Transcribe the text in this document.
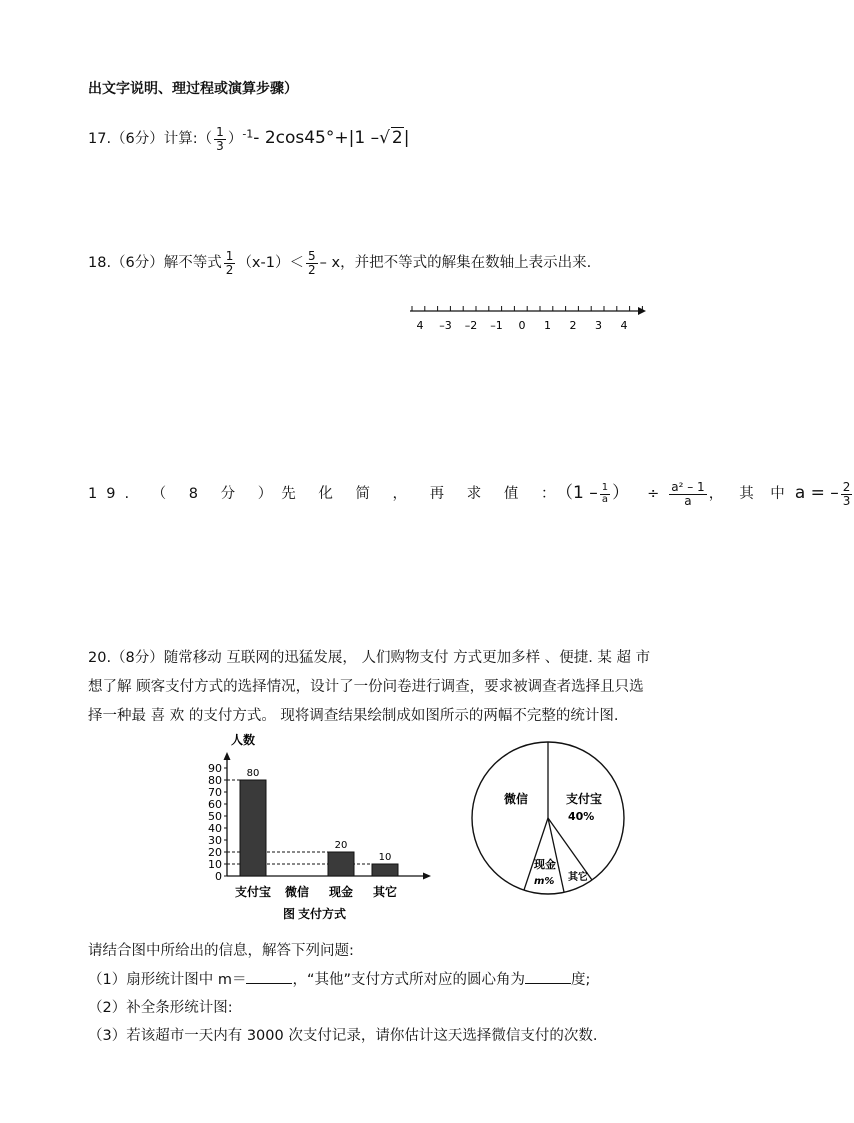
出文字说明、理过程或演算步骤）
17.（6分）计算:（ $\frac{1}{3} )^{-1}-$ 2cos45°+|1 –√ 2|
18.（6分）解不等式 $\frac{1}{2} (x-1)< \frac{5}{2} - x$，并把不等式的解集在数轴上表示出来.
4 –3 –2 –1 0 1 2 3 4
19. （ 8 分 ）先 化 简 ， 再 求 值 ：（$1 - \frac{1}{a}$ ） ÷ $\frac{\text{a² – 1}}{a}$ ， 其 中 a = – $\frac{2}{3}$
20.（8分）随常移动 互联网的迅猛发展， 人们购物支付 方式更加多样 、便捷. 某 超 市
想了解 顾客支付方式的选择情况，设计了一份问卷进行调查，要求被调查者选择且只选
择一种最 喜 欢 的支付方式。 现将调查结果绘制成如图所示的两幅不完整的统计图.
人数
0
10
20
30
40
50
60
70
80
90 80
20
10
支付宝 微信 现金 其它
图 支付方式
微信	支付宝
40%
现金
m% 其它
请结合图中所给出的信息，解答下列问题:
（1）扇形统计图中 m＝	，“其他”支付方式所对应的圆心角为	度;
（2）补全条形统计图:
（3）若该超市一天内有 3000 次支付记录，请你估计这天选择微信支付的次数.
